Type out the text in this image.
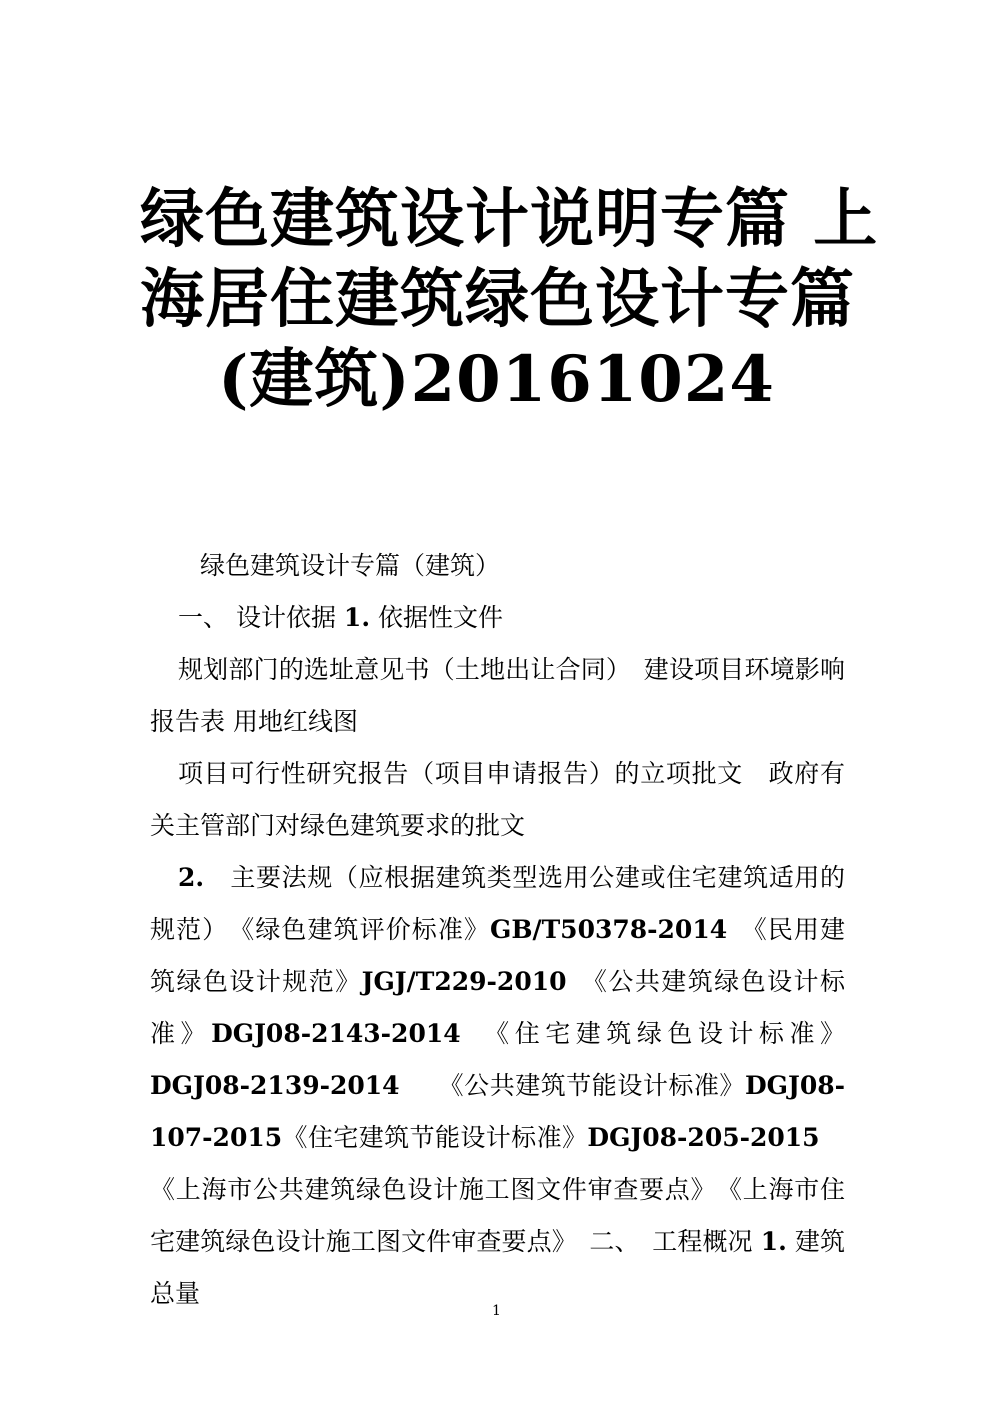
绿色建筑设计说明专篇 上
海居住建筑绿色设计专篇
(建筑)20161024

绿色建筑设计专篇（建筑）

一、 设计依据 1. 依据性文件

规划部门的选址意见书（土地出让合同）　建设项目环境影响报告表 用地红线图

项目可行性研究报告（项目申请报告）的立项批文　政府有关主管部门对绿色建筑要求的批文

2.　主要法规（应根据建筑类型选用公建或住宅建筑适用的规范）　《绿色建筑评价标准》GB/T50378-2014　《民用建筑绿色设计规范》JGJ/T229-2010　《公共建筑绿色设计标准》DGJ08-2143-2014　《住宅建筑绿色设计标准》DGJ08-2139-2014　　《公共建筑节能设计标准》DGJ08-107-2015《住宅建筑节能设计标准》DGJ08-205-2015　《上海市公共建筑绿色设计施工图文件审查要点》　《上海市住宅建筑绿色设计施工图文件审查要点》　二、　工程概况 1. 建筑总量

1
